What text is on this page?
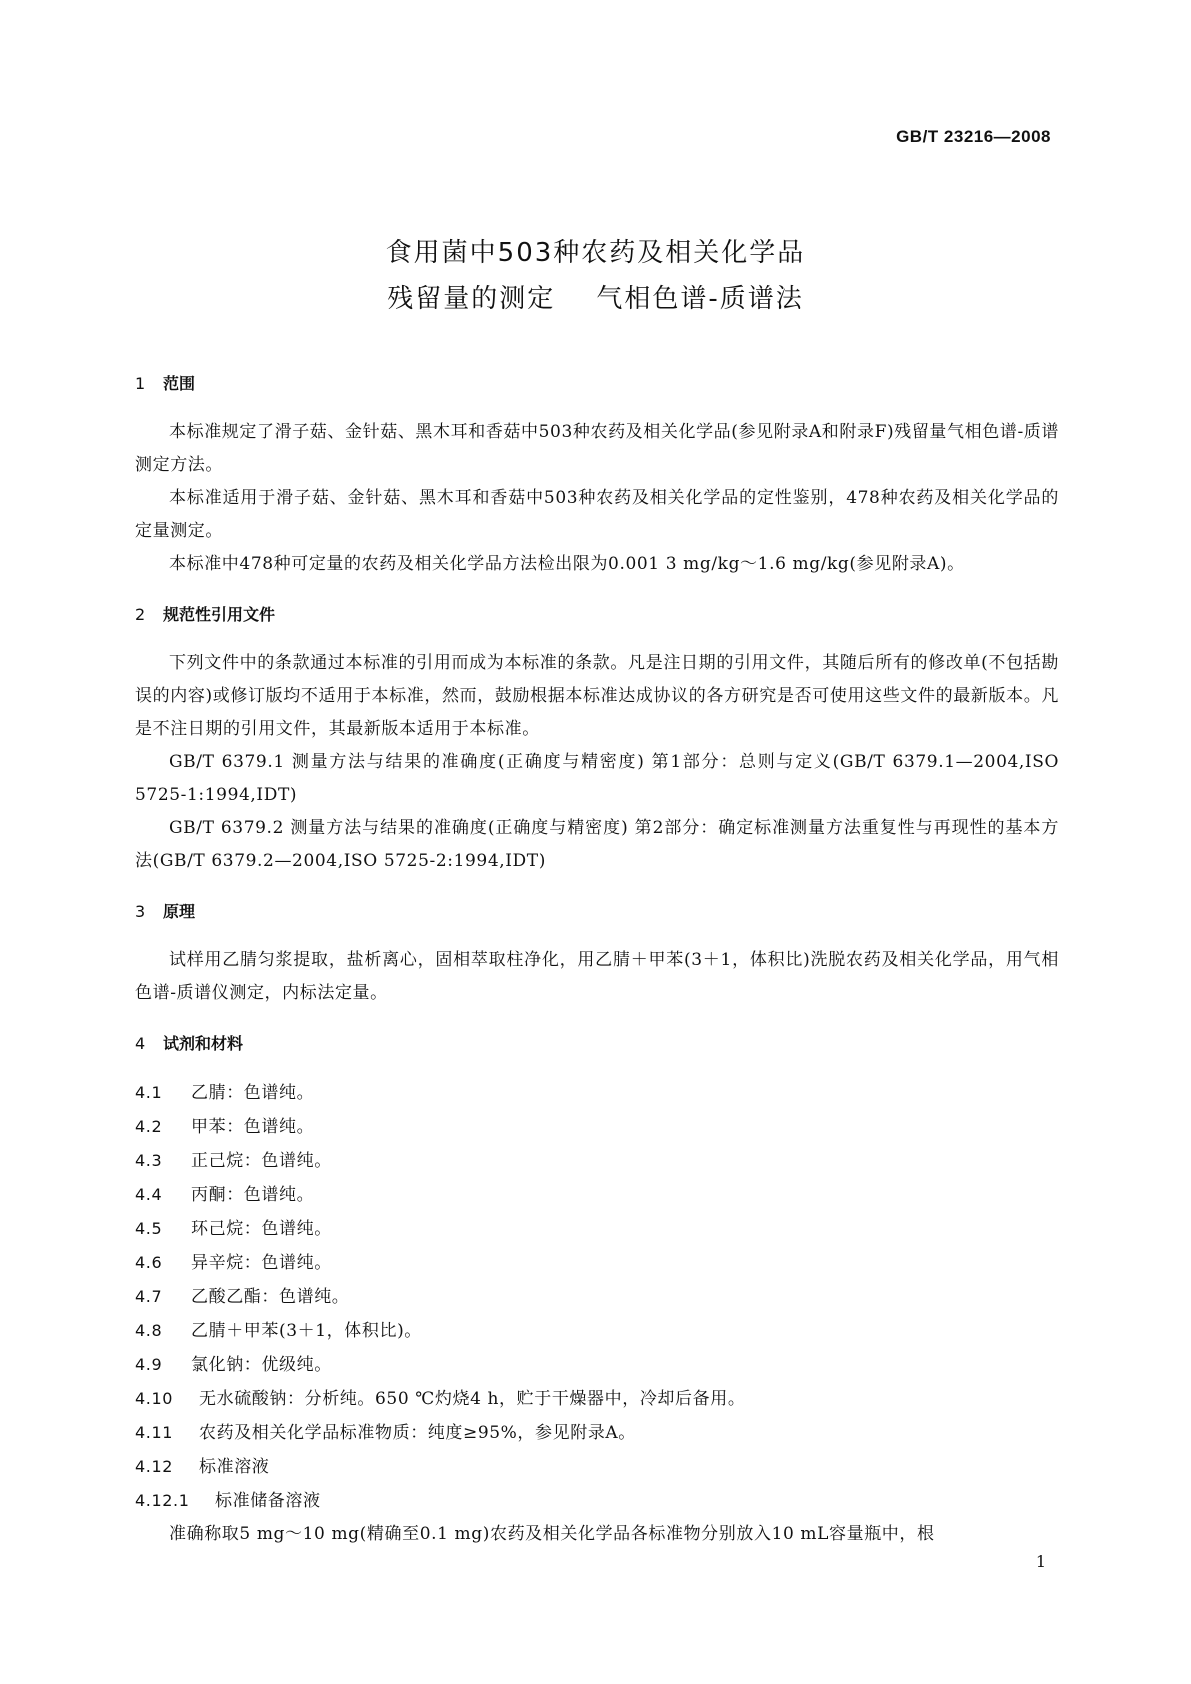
GB/T 23216—2008
食用菌中503种农药及相关化学品
残留量的测定    气相色谱-质谱法
1 范围

本标准规定了滑子菇、金针菇、黑木耳和香菇中503种农药及相关化学品(参见附录A和附录F)残留量气相色谱-质谱测定方法。

本标准适用于滑子菇、金针菇、黑木耳和香菇中503种农药及相关化学品的定性鉴别，478种农药及相关化学品的定量测定。

本标准中478种可定量的农药及相关化学品方法检出限为0.001 3 mg/kg～1.6 mg/kg(参见附录A)。

2 规范性引用文件

下列文件中的条款通过本标准的引用而成为本标准的条款。凡是注日期的引用文件，其随后所有的修改单(不包括勘误的内容)或修订版均不适用于本标准，然而，鼓励根据本标准达成协议的各方研究是否可使用这些文件的最新版本。凡是不注日期的引用文件，其最新版本适用于本标准。

GB/T 6379.1 测量方法与结果的准确度(正确度与精密度) 第1部分：总则与定义(GB/T 6379.1—2004,ISO 5725-1:1994,IDT)

GB/T 6379.2 测量方法与结果的准确度(正确度与精密度) 第2部分：确定标准测量方法重复性与再现性的基本方法(GB/T 6379.2—2004,ISO 5725-2:1994,IDT)

3 原理

试样用乙腈匀浆提取，盐析离心，固相萃取柱净化，用乙腈＋甲苯(3＋1，体积比)洗脱农药及相关化学品，用气相色谱-质谱仪测定，内标法定量。

4 试剂和材料
4.1 乙腈：色谱纯。
4.2 甲苯：色谱纯。
4.3 正己烷：色谱纯。
4.4 丙酮：色谱纯。
4.5 环己烷：色谱纯。
4.6 异辛烷：色谱纯。
4.7 乙酸乙酯：色谱纯。
4.8 乙腈＋甲苯(3＋1，体积比)。
4.9 氯化钠：优级纯。
4.10 无水硫酸钠：分析纯。650 ℃灼烧4 h，贮于干燥器中，冷却后备用。
4.11 农药及相关化学品标准物质：纯度≥95%，参见附录A。
4.12 标准溶液
4.12.1 标准储备溶液

准确称取5 mg～10 mg(精确至0.1 mg)农药及相关化学品各标准物分别放入10 mL容量瓶中，根

1
